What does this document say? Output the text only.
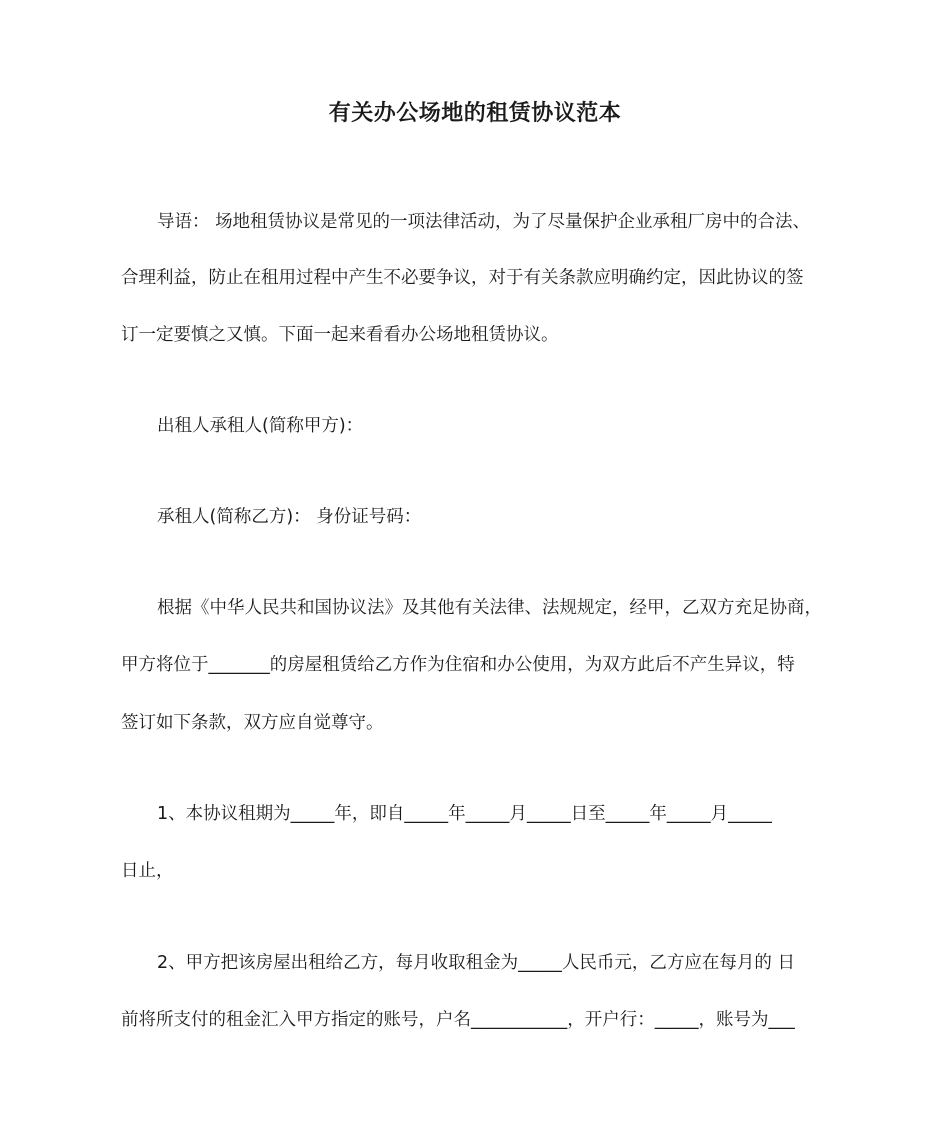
有关办公场地的租赁协议范本
导语： 场地租赁协议是常见的一项法律活动，为了尽量保护企业承租厂房中的合法、
合理利益，防止在租用过程中产生不必要争议，对于有关条款应明确约定，因此协议的签
订一定要慎之又慎。下面一起来看看办公场地租赁协议。
出租人承租人(简称甲方)：
承租人(简称乙方)： 身份证号码：
根据《中华人民共和国协议法》及其他有关法律、法规规定，经甲，乙双方充足协商，
甲方将位于_______的房屋租赁给乙方作为住宿和办公使用，为双方此后不产生异议，特
签订如下条款，双方应自觉尊守。
1、本协议租期为_____年，即自_____年_____月_____日至_____年_____月_____
日止，
2、甲方把该房屋出租给乙方，每月收取租金为_____人民币元，乙方应在每月的 日
前将所支付的租金汇入甲方指定的账号，户名___________，开户行：_____，账号为___
